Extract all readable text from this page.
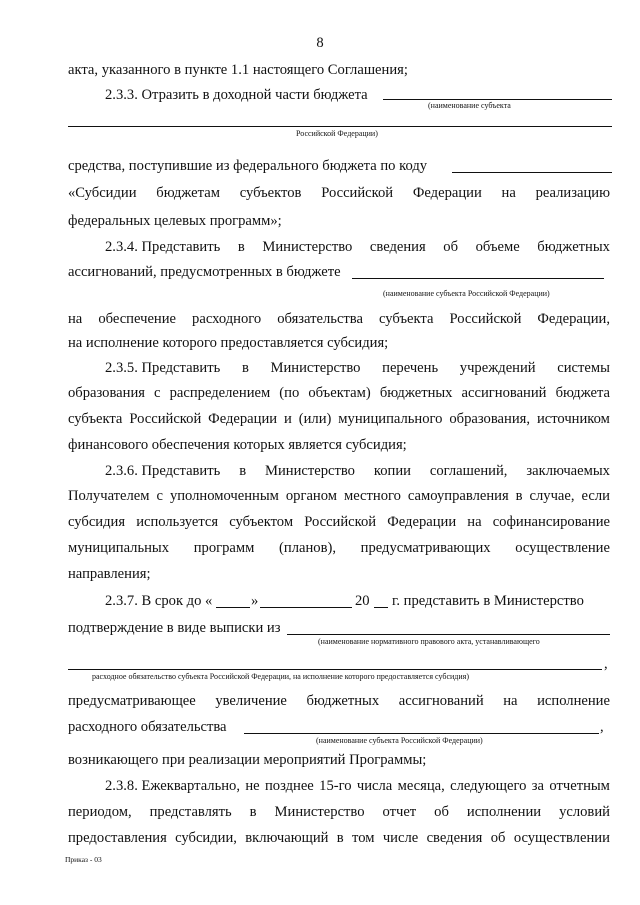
8
акта, указанного в пункте 1.1 настоящего Соглашения;
2.3.3. Отразить в доходной части бюджета
(наименование субъекта
Российской Федерации)
средства, поступившие из федерального бюджета по коду
«Субсидии бюджетам субъектов Российской Федерации на реализацию
федеральных целевых программ»;
2.3.4. Представить в Министерство сведения об объеме бюджетных
ассигнований, предусмотренных в бюджете
(наименование субъекта Российской Федерации)
на обеспечение расходного обязательства субъекта Российской Федерации,
на исполнение которого предоставляется субсидия;
2.3.5. Представить в Министерство перечень учреждений системы
образования с распределением (по объектам) бюджетных ассигнований бюджета
субъекта Российской Федерации и (или) муниципального образования, источником
финансового обеспечения которых является субсидия;
2.3.6. Представить в Министерство копии соглашений, заключаемых
Получателем с уполномоченным органом местного самоуправления в случае, если
субсидия используется субъектом Российской Федерации на софинансирование
муниципальных программ (планов), предусматривающих осуществление
направления;
2.3.7. В срок до «	»	20 г. представить в Министерство
подтверждение в виде выписки из
(наименование нормативного правового акта, устанавливающего
,
расходное обязательство субъекта Российской Федерации, на исполнение которого предоставляется субсидия)
предусматривающее увеличение бюджетных ассигнований на исполнение
расходного обязательства	,
(наименование субъекта Российской Федерации)
возникающего при реализации мероприятий Программы;
2.3.8. Ежеквартально, не позднее 15-го числа месяца, следующего за отчетным
периодом, представлять в Министерство отчет об исполнении условий
предоставления субсидии, включающий в том числе сведения об осуществлении
Приказ - 03
